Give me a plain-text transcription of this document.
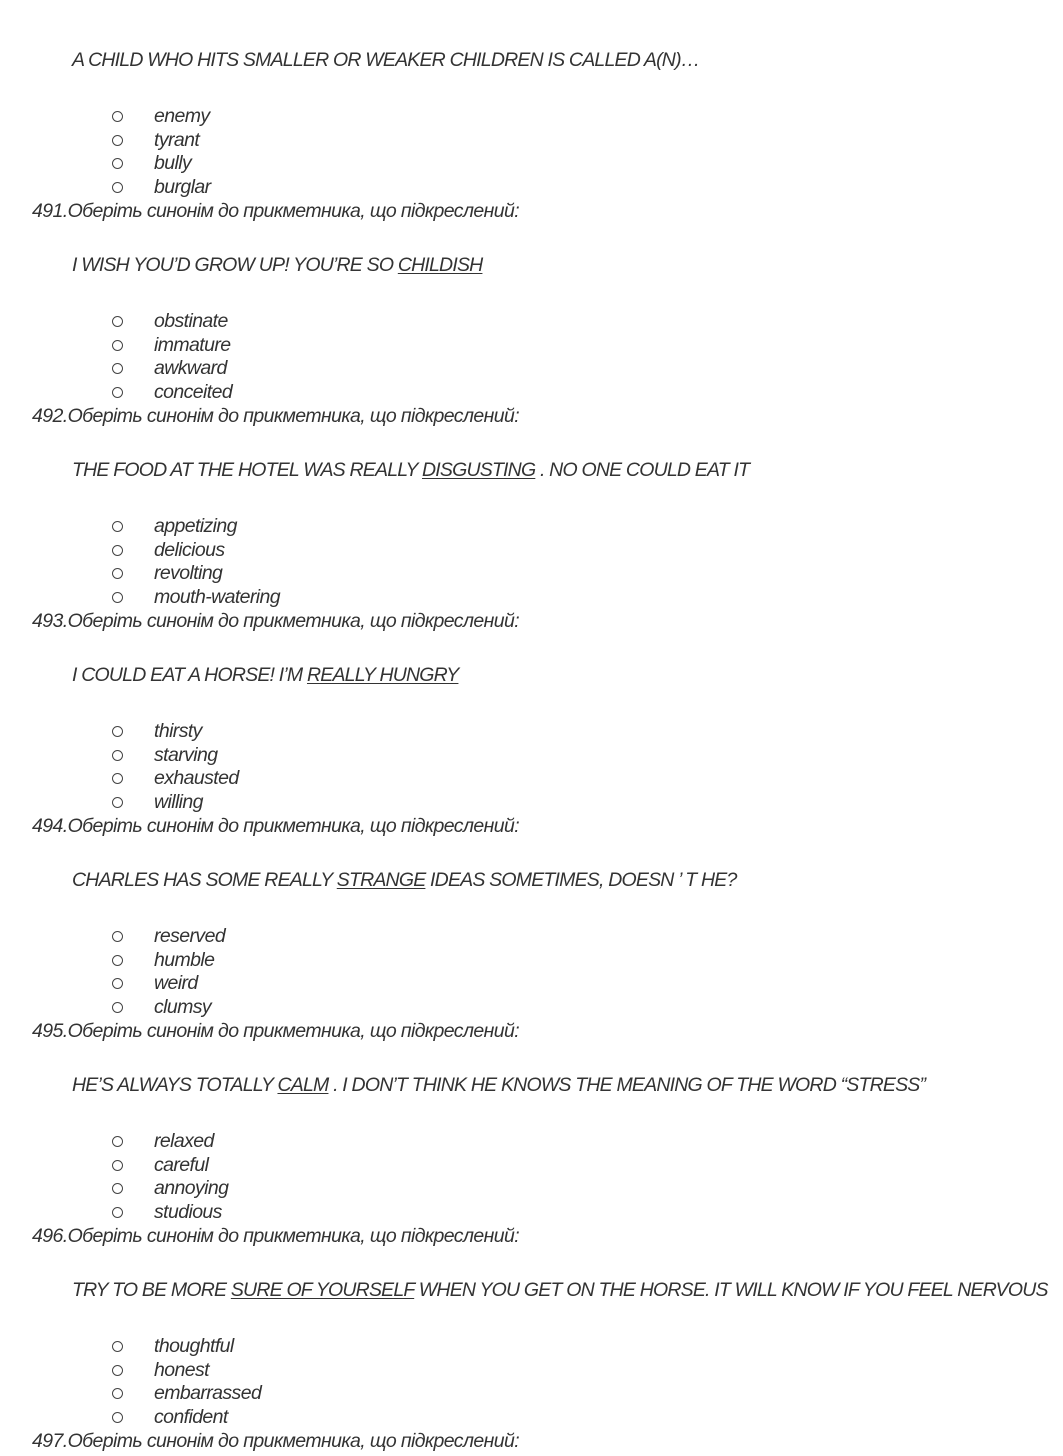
A CHILD WHO HITS SMALLER OR WEAKER CHILDREN IS CALLED A(N)…
enemy
tyrant
bully
burglar
491.Оберіть синонім до прикметника, що підкреслений:
I WISH YOU’D GROW UP! YOU’RE SO CHILDISH
obstinate
immature
awkward
conceited
492.Оберіть синонім до прикметника, що підкреслений:
THE FOOD AT THE HOTEL WAS REALLY DISGUSTING . NO ONE COULD EAT IT
appetizing
delicious
revolting
mouth-watering
493.Оберіть синонім до прикметника, що підкреслений:
I COULD EAT A HORSE! I’M REALLY HUNGRY
thirsty
starving
exhausted
willing
494.Оберіть синонім до прикметника, що підкреслений:
CHARLES HAS SOME REALLY STRANGE IDEAS SOMETIMES, DOESN ’ T HE?
reserved
humble
weird
clumsy
495.Оберіть синонім до прикметника, що підкреслений:
HE’S ALWAYS TOTALLY CALM . I DON’T THINK HE KNOWS THE MEANING OF THE WORD “STRESS”
relaxed
careful
annoying
studious
496.Оберіть синонім до прикметника, що підкреслений:
TRY TO BE MORE SURE OF YOURSELF WHEN YOU GET ON THE HORSE. IT WILL KNOW IF YOU FEEL NERVOUS
thoughtful
honest
embarrassed
confident
497.Оберіть синонім до прикметника, що підкреслений:
